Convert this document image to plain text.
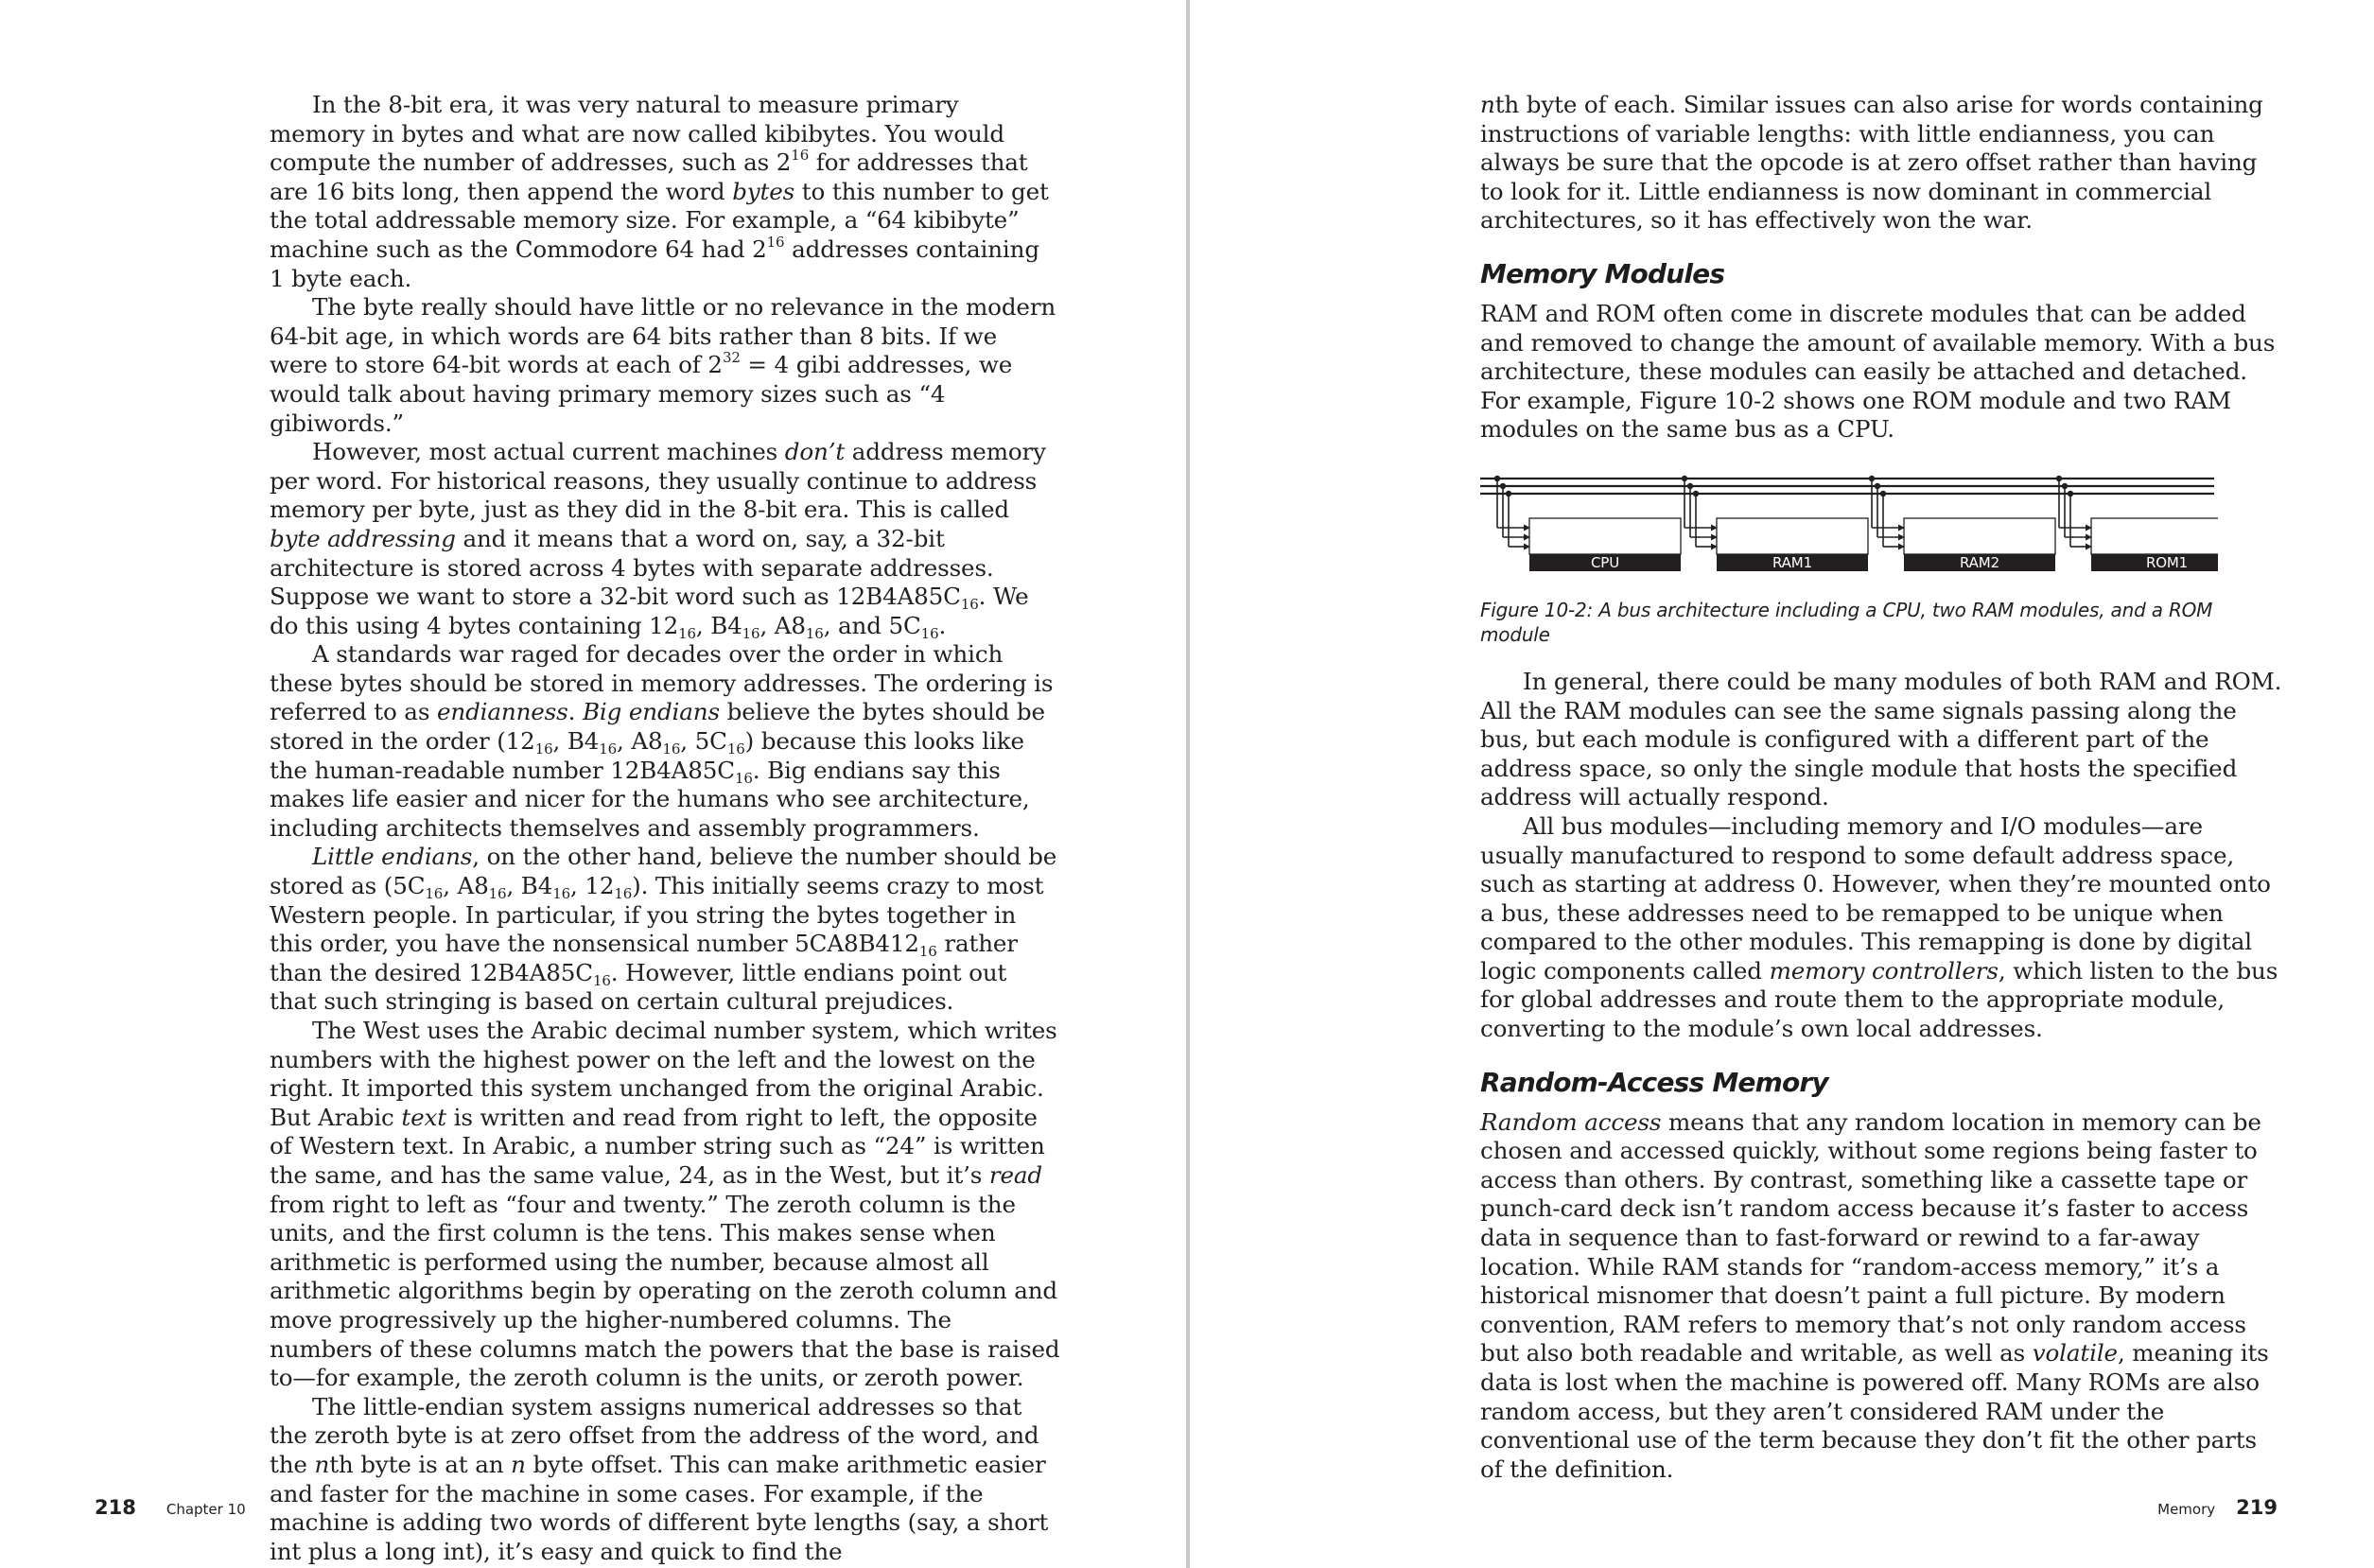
In the 8-bit era, it was very natural to measure primary memory in bytes and what are now called kibibytes. You would compute the number of addresses, such as $2^{16}$ for addresses that are 16 bits long, then append the word bytes to this number to get the total addressable memory size. For example, a “64 kibibyte” machine such as the Commodore 64 had $2^{16}$ addresses containing 1 byte each.

The byte really should have little or no relevance in the modern 64-bit age, in which words are 64 bits rather than 8 bits. If we were to store 64-bit words at each of $2^{32} = 4$ gibi addresses, we would talk about having primary memory sizes such as “4 gibiwords.”

However, most actual current machines don’t address memory per word. For historical reasons, they usually continue to address memory per byte, just as they did in the 8-bit era. This is called byte addressing and it means that a word on, say, a 32-bit architecture is stored across 4 bytes with separate addresses. Suppose we want to store a 32-bit word such as $12B4A85C_{16}$. We do this using 4 bytes containing $12_{16}$, $B4_{16}$, $A8_{16}$, and $5C_{16}$.

A standards war raged for decades over the order in which these bytes should be stored in memory addresses. The ordering is referred to as endianness. Big endians believe the bytes should be stored in the order ($12_{16}$, $B4_{16}$, $A8_{16}$, $5C_{16}$) because this looks like the human-readable number $12B4A85C_{16}$. Big endians say this makes life easier and nicer for the humans who see architecture, including architects themselves and assembly programmers.

Little endians, on the other hand, believe the number should be stored as ($5C_{16}$, $A8_{16}$, $B4_{16}$, $12_{16}$). This initially seems crazy to most Western people. In particular, if you string the bytes together in this order, you have the nonsensical number $5CA8B412_{16}$ rather than the desired $12B4A85C_{16}$. However, little endians point out that such stringing is based on certain cultural prejudices.

The West uses the Arabic decimal number system, which writes numbers with the highest power on the left and the lowest on the right. It imported this system unchanged from the original Arabic. But Arabic text is written and read from right to left, the opposite of Western text. In Arabic, a number string such as “24” is written the same, and has the same value, 24, as in the West, but it’s read from right to left as “four and twenty.” The zeroth column is the units, and the first column is the tens. This makes sense when arithmetic is performed using the number, because almost all arithmetic algorithms begin by operating on the zeroth column and move progressively up the higher-numbered columns. The numbers of these columns match the powers that the base is raised to—for example, the zeroth column is the units, or zeroth power.

The little-endian system assigns numerical addresses so that the zeroth byte is at zero offset from the address of the word, and the nth byte is at an n byte offset. This can make arithmetic easier and faster for the machine in some cases. For example, if the machine is adding two words of different byte lengths (say, a short int plus a long int), it’s easy and quick to find the

218 Chapter 10

nth byte of each. Similar issues can also arise for words containing instructions of variable lengths: with little endianness, you can always be sure that the opcode is at zero offset rather than having to look for it. Little endianness is now dominant in commercial architectures, so it has effectively won the war.

Memory Modules

RAM and ROM often come in discrete modules that can be added and removed to change the amount of available memory. With a bus architecture, these modules can easily be attached and detached. For example, Figure 10-2 shows one ROM module and two RAM modules on the same bus as a CPU.

CPU	RAM1	RAM2	ROM1
Figure 10-2: A bus architecture including a CPU, two RAM modules, and a ROM module

In general, there could be many modules of both RAM and ROM. All the RAM modules can see the same signals passing along the bus, but each module is configured with a different part of the address space, so only the single module that hosts the specified address will actually respond.

All bus modules—including memory and I/O modules—are usually manufactured to respond to some default address space, such as starting at address 0. However, when they’re mounted onto a bus, these addresses need to be remapped to be unique when compared to the other modules. This remapping is done by digital logic components called memory controllers, which listen to the bus for global addresses and route them to the appropriate module, converting to the module’s own local addresses.

Random-Access Memory

Random access means that any random location in memory can be chosen and accessed quickly, without some regions being faster to access than others. By contrast, something like a cassette tape or punch-card deck isn’t random access because it’s faster to access data in sequence than to fast-forward or rewind to a far-away location. While RAM stands for “random-access memory,” it’s a historical misnomer that doesn’t paint a full picture. By modern convention, RAM refers to memory that’s not only random access but also both readable and writable, as well as volatile, meaning its data is lost when the machine is powered off. Many ROMs are also random access, but they aren’t considered RAM under the conventional use of the term because they don’t fit the other parts of the definition.

Memory 219
